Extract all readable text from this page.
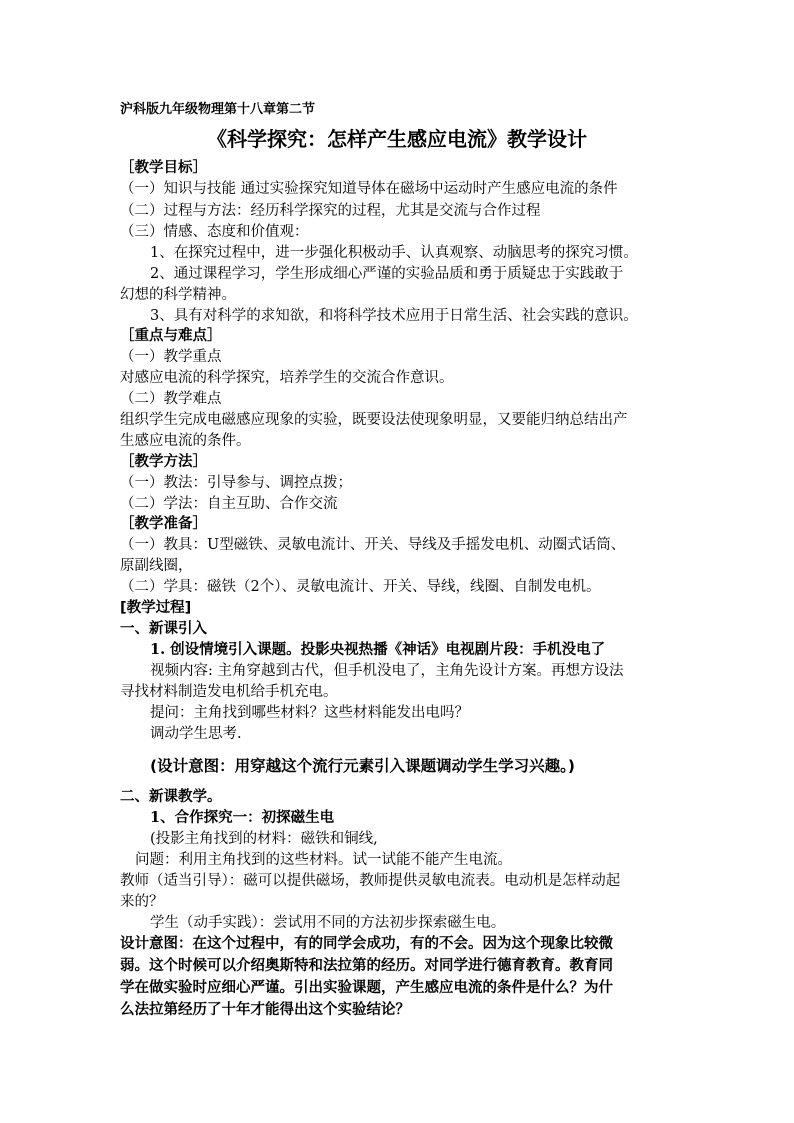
沪科版九年级物理第十八章第二节
《科学探究：怎样产生感应电流》教学设计
［教学目标］
（一）知识与技能 通过实验探究知道导体在磁场中运动时产生感应电流的条件
（二）过程与方法：经历科学探究的过程，尤其是交流与合作过程
（三）情感、态度和价值观：
1、在探究过程中，进一步强化积极动手、认真观察、动脑思考的探究习惯。
2、通过课程学习，学生形成细心严谨的实验品质和勇于质疑忠于实践敢于
幻想的科学精神。
3、具有对科学的求知欲，和将科学技术应用于日常生活、社会实践的意识。
［重点与难点］
（一）教学重点
对感应电流的科学探究，培养学生的交流合作意识。
（二）教学难点
组织学生完成电磁感应现象的实验，既要设法使现象明显，又要能归纳总结出产
生感应电流的条件。
［教学方法］
（一）教法：引导参与、调控点拨；
（二）学法：自主互助、合作交流
［教学准备］
（一）教具：U型磁铁、灵敏电流计、开关、导线及手摇发电机、动圈式话筒、
原副线圈，
（二）学具：磁铁（2个）、灵敏电流计、开关、导线，线圈、自制发电机。
[教学过程]
一、新课引入
1. 创设情境引入课题。投影央视热播《神话》电视剧片段：手机没电了
视频内容: 主角穿越到古代，但手机没电了，主角先设计方案。再想方设法
寻找材料制造发电机给手机充电。
提问：主角找到哪些材料？这些材料能发出电吗？
调动学生思考.
(设计意图：用穿越这个流行元素引入课题调动学生学习兴趣。)
二、新课教学。
1、合作探究一：初探磁生电
(投影主角找到的材料：磁铁和铜线,
问题：利用主角找到的这些材料。试一试能不能产生电流。
教师（适当引导）：磁可以提供磁场，教师提供灵敏电流表。电动机是怎样动起
来的？
学生（动手实践）：尝试用不同的方法初步探索磁生电。
设计意图：在这个过程中，有的同学会成功，有的不会。因为这个现象比较微
弱。这个时候可以介绍奥斯特和法拉第的经历。对同学进行德育教育。教育同
学在做实验时应细心严谨。引出实验课题，产生感应电流的条件是什么？为什
么法拉第经历了十年才能得出这个实验结论？
